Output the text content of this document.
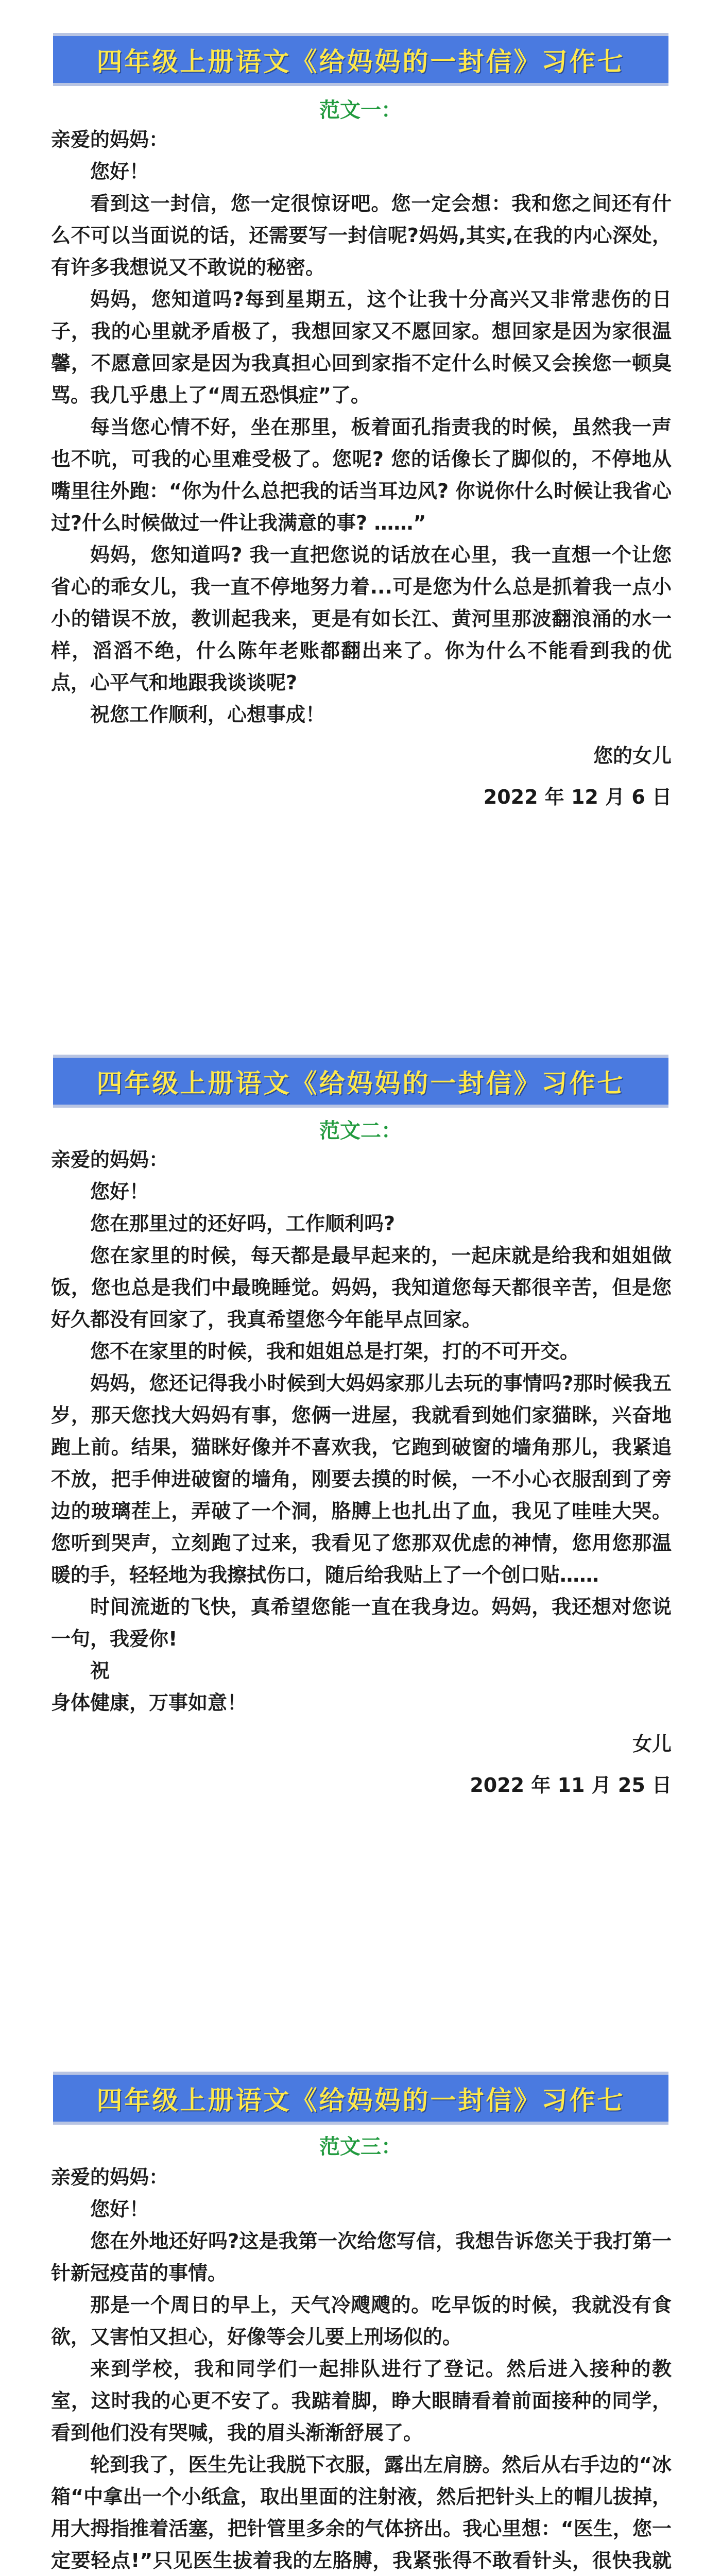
四年级上册语文《给妈妈的一封信》习作七
范文一：

亲爱的妈妈：

您好！

看到这一封信，您一定很惊讶吧。您一定会想：我和您之间还有什么不可以当面说的话，还需要写一封信呢?妈妈,其实,在我的内心深处，有许多我想说又不敢说的秘密。

妈妈，您知道吗?每到星期五，这个让我十分高兴又非常悲伤的日子，我的心里就矛盾极了，我想回家又不愿回家。想回家是因为家很温馨，不愿意回家是因为我真担心回到家指不定什么时候又会挨您一顿臭骂。我几乎患上了“周五恐惧症”了。

每当您心情不好，坐在那里，板着面孔指责我的时候，虽然我一声也不吭，可我的心里难受极了。您呢? 您的话像长了脚似的，不停地从嘴里往外跑：“你为什么总把我的话当耳边风? 你说你什么时候让我省心过?什么时候做过一件让我满意的事? ……”

妈妈，您知道吗? 我一直把您说的话放在心里，我一直想一个让您省心的乖女儿，我一直不停地努力着...可是您为什么总是抓着我一点小小的错误不放，教训起我来，更是有如长江、黄河里那波翻浪涌的水一样，滔滔不绝，什么陈年老账都翻出来了。你为什么不能看到我的优点，心平气和地跟我谈谈呢?

祝您工作顺利，心想事成！

您的女儿

2022 年 12 月 6 日

四年级上册语文《给妈妈的一封信》习作七
范文二：

亲爱的妈妈：

您好！

您在那里过的还好吗，工作顺利吗?

您在家里的时候，每天都是最早起来的，一起床就是给我和姐姐做饭，您也总是我们中最晚睡觉。妈妈，我知道您每天都很辛苦，但是您好久都没有回家了，我真希望您今年能早点回家。

您不在家里的时候，我和姐姐总是打架，打的不可开交。

妈妈，您还记得我小时候到大妈妈家那儿去玩的事情吗?那时候我五岁，那天您找大妈妈有事，您俩一进屋，我就看到她们家猫眯，兴奋地跑上前。结果，猫眯好像并不喜欢我，它跑到破窗的墙角那儿，我紧追不放，把手伸进破窗的墙角，刚要去摸的时候，一不小心衣服刮到了旁边的玻璃茬上，弄破了一个洞，胳膊上也扎出了血，我见了哇哇大哭。您听到哭声，立刻跑了过来，我看见了您那双优虑的神情，您用您那温暖的手，轻轻地为我擦拭伤口，随后给我贴上了一个创口贴……

时间流逝的飞快，真希望您能一直在我身边。妈妈，我还想对您说一句，我爱你!

祝

身体健康，万事如意！

女儿

2022 年 11 月 25 日

四年级上册语文《给妈妈的一封信》习作七
范文三：

亲爱的妈妈：

您好！

您在外地还好吗?这是我第一次给您写信，我想告诉您关于我打第一针新冠疫苗的事情。

那是一个周日的早上，天气冷飕飕的。吃早饭的时候，我就没有食欲，又害怕又担心，好像等会儿要上刑场似的。

来到学校，我和同学们一起排队进行了登记。然后进入接种的教室，这时我的心更不安了。我踮着脚，睁大眼睛看着前面接种的同学，看到他们没有哭喊，我的眉头渐渐舒展了。

轮到我了，医生先让我脱下衣服，露出左肩膀。然后从右手边的“冰箱“中拿出一个小纸盒，取出里面的注射液，然后把针头上的帽儿拔掉，用大拇指推着活塞，把针管里多余的气体挤出。我心里想：“医生，您一定要轻点!”只见医生拔着我的左胳膊，我紧张得不敢看针头，很快我就
